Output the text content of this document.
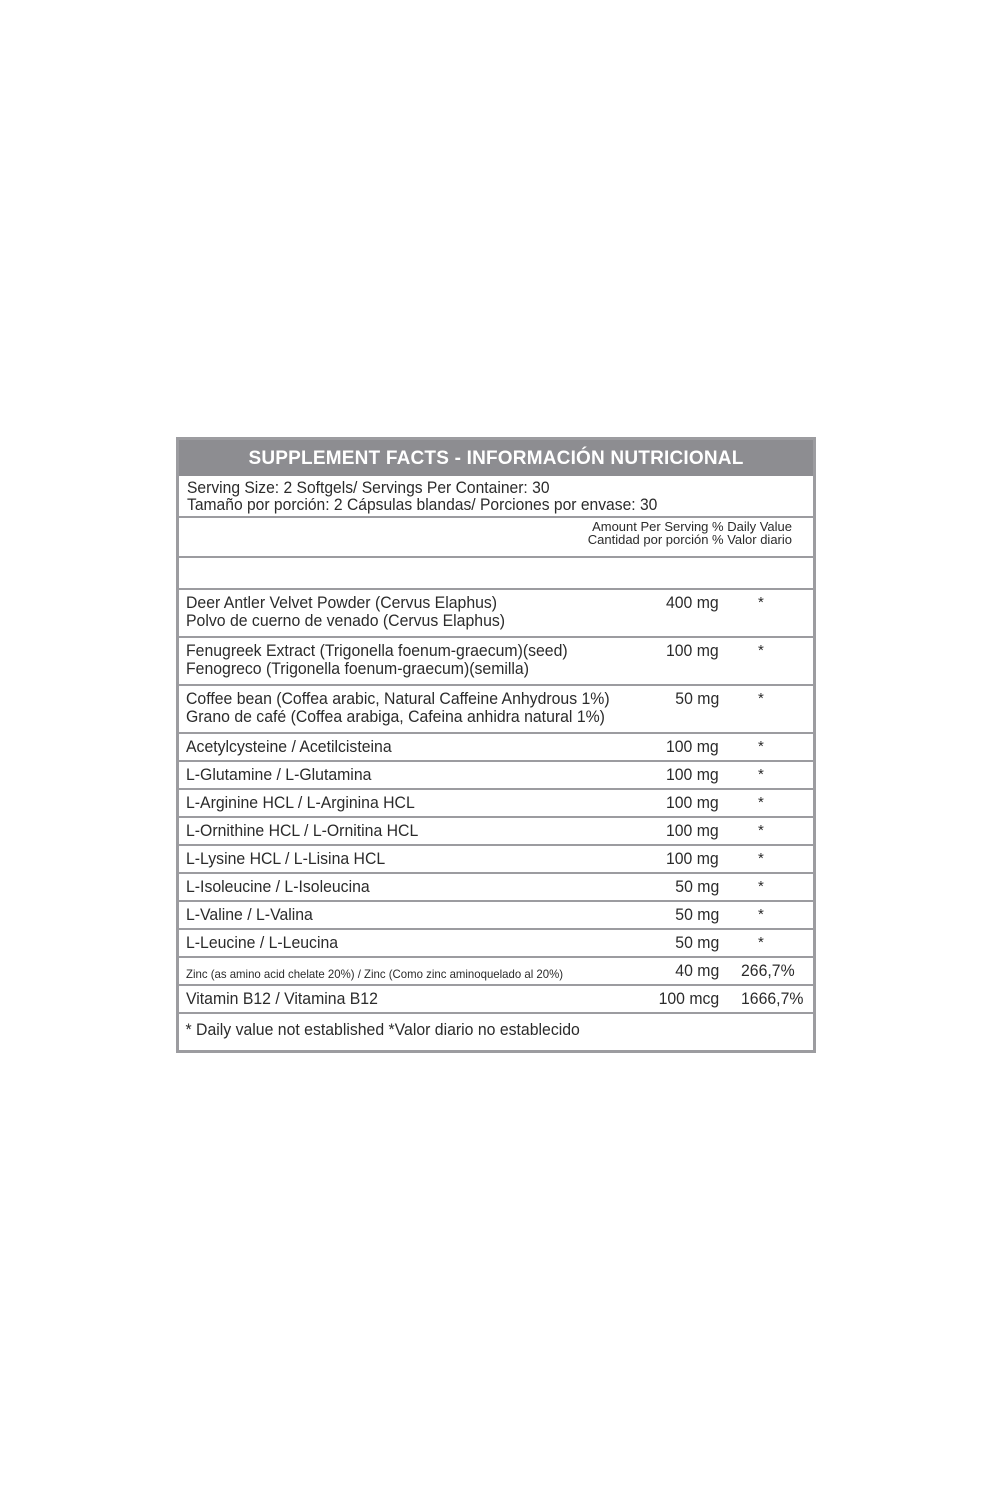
SUPPLEMENT FACTS - INFORMACIÓN NUTRICIONAL
Serving Size: 2 Softgels/ Servings Per Container: 30
Tamaño por porción: 2 Cápsulas blandas/ Porciones por envase: 30
Amount Per Serving % Daily Value
Cantidad por porción % Valor diario
Deer Antler Velvet Powder (Cervus Elaphus)
Polvo de cuerno de venado (Cervus Elaphus)
400 mg	*
Fenugreek Extract (Trigonella foenum-graecum)(seed)
Fenogreco (Trigonella foenum-graecum)(semilla)
100 mg	*
Coffee bean (Coffea arabic, Natural Caffeine Anhydrous 1%)
Grano de café (Coffea arabiga, Cafeina anhidra natural 1%)
50 mg	*
Acetylcysteine / Acetilcisteina	100 mg	*
L-Glutamine / L-Glutamina	100 mg	*
L-Arginine HCL / L-Arginina HCL	100 mg	*
L-Ornithine HCL / L-Ornitina HCL	100 mg	*
L-Lysine HCL / L-Lisina HCL	100 mg	*
L-Isoleucine / L-Isoleucina	50 mg	*
L-Valine / L-Valina	50 mg	*
L-Leucine / L-Leucina	50 mg	*
Zinc (as amino acid chelate 20%) / Zinc (Como zinc aminoquelado al 20%)	40 mg 266,7%
Vitamin B12 / Vitamina B12	100 mcg 1666,7%
* Daily value not established *Valor diario no establecido
